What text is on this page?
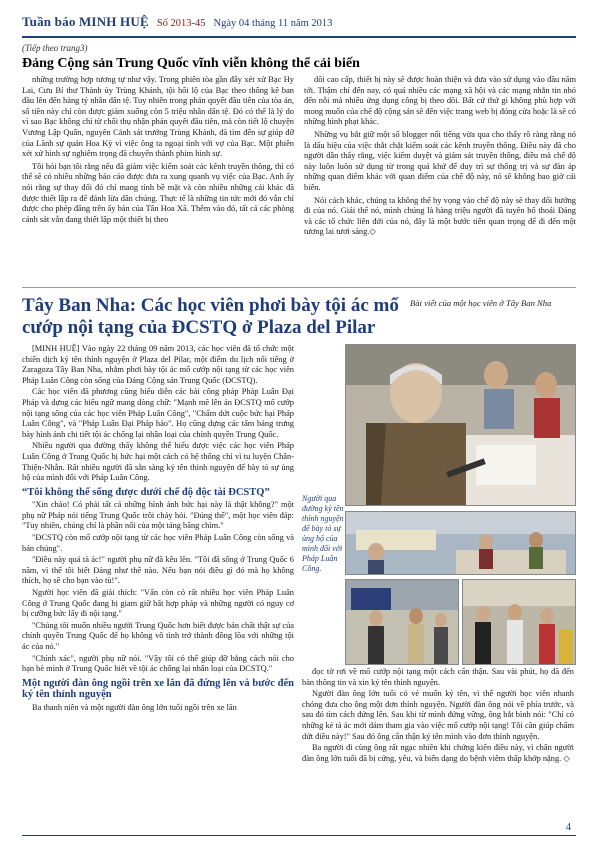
Tuần báo MINH HUỆ Số 2013-45 Ngày 04 tháng 11 năm 2013
(Tiếp theo trang3)
Đảng Cộng sản Trung Quốc vĩnh viễn không thể cải biến

những trường hợp tương tự như vậy. Trong phiên tòa gần đây xét xử Bạc Hy Lai, Cưu Bí thư Thành ủy Trùng Khánh, tội hối lộ của Bạc theo thống kê ban đầu lên đến hàng tỷ nhân dân tệ. Tuy nhiên trong phán quyết đầu tiên của tòa án, số tiền này chỉ còn được giảm xuống còn 5 triệu nhân dân tệ. Đó có thể là lý do vì sao Bạc không chỉ từ chối thụ nhận phán quyết đầu tiên, mà còn tiết lộ chuyện Vương Lập Quân, nguyên Cảnh sát trưởng Trùng Khánh, đã tìm đến sự giúp đỡ của Lãnh sự quán Hoa Kỳ vì việc ông ta ngoại tình với vợ của Bạc. Một phiên xét xử hình sự nghiêm trọng đã chuyển thành phim hình sự.

Tôi hỏi bạn tôi rằng nếu đã giảm việc kiểm soát các kênh truyền thông, thì có thể sẽ có nhiều những báo cáo được đưa ra xung quanh vụ việc của Bạc. Anh ấy nói rằng sự thay đổi đó chỉ mang tính bề mặt và còn nhiều những cái khác đã được thiết lập ra để đánh lừa dân chúng. Thực tế là những tin tức mới đó vẫn chỉ được cho phép đăng trên ấy bản của Tân Hoa Xã. Thêm vào đó, tất cả các phòng cảnh sát vẫn đang thiết lập một thiết bị theo

dõi cao cấp, thiết bị này sẽ được hoàn thiện và đưa vào sử dụng vào đầu năm tới. Thậm chí đến nay, có quá nhiều các mạng xã hội và các mạng nhắn tin nhỏ đến nỗi mà nhiều ứng dụng công bị theo dõi. Bất cứ thứ gì không phù hợp với mong muốn của chế độ cộng sản sẽ đến việc trang web bị đóng cửa hoặc là sẽ có những hình phạt khác.

Những vụ bắt giữ một số blogger nổi tiếng vừa qua cho thấy rõ ràng rằng nó là dấu hiệu của việc thắt chặt kiểm soát các kênh truyền thông. Điều này đã cho người dân thấy rằng, việc kiểm duyệt và giám sát truyền thông, điều mà chế độ này luôn luôn sử dụng từ trong quá khứ để duy trì sự thống trị và sự đàn áp những quan điểm khác với quan điểm của chế độ này, nó sẽ không bao giờ cải biến.

Nói cách khác, chúng ta không thể hy vọng vào chế độ này sẽ thay đổi hướng đi của nó. Giải thể nó, mình chúng là hàng triệu người đã tuyên bố thoái Đảng và các tổ chức liên đới của nó, đây là một bước tiến quan trọng để đi đến một tương lai tươi sáng.◇

Tây Ban Nha: Các học viên phơi bày tội ác mổ cướp nội tạng của ĐCSTQ ở Plaza del Pilar
Bài viết của một học viên ở Tây Ban Nha

[MINH HUỆ] Vào ngày 22 tháng 09 năm 2013, các học viên đã tổ chức một chiến dịch ký tên thỉnh nguyện ở Plaza del Pilar, một điểm du lịch nổi tiếng ở Zaragoza Tây Ban Nha, nhằm phơi bày tội ác mổ cướp nội tạng từ các học viên Pháp Luân Công còn sống của Đảng Cộng sản Trung Quốc (ĐCSTQ).

Các học viên đã phương cũng biểu diễn các bài công pháp Pháp Luân Đại Pháp và dựng các biểu ngữ mang dòng chữ: "Mạnh mẽ lên án ĐCSTQ mổ cướp nội tạng sống của các học viên Pháp Luân Công", "Chấm dứt cuộc bức hại Pháp Luân Công", và "Pháp Luân Đại Pháp hảo". Họ cũng dựng các tấm bảng trưng bày hình ảnh chi tiết tội ác chống lại nhân loại của chính quyền Trung Quốc.

Nhiều người qua đường thấy không thể hiểu được việc các học viên Pháp Luân Công ở Trung Quốc bị bức hại một cách có hệ thống chỉ vì tu luyện Chân-Thiện-Nhẫn. Rất nhiều người đã sẵn sàng ký tên thỉnh nguyện để bày tỏ sự ủng hộ của mình đối với Pháp Luân Công.

“Tôi không thể sống được dưới chế độ độc tài ĐCSTQ”

"Xin chào! Có phải tất cả những hình ảnh bức hại này là thật không?" một phụ nữ Pháp nói tiếng Trung Quốc trôi chảy hỏi. "Đúng thế", một học viên đáp: "Tuy nhiên, chúng chỉ là phần nổi của một tảng băng chìm."

"ĐCSTQ còn mổ cướp nội tạng từ các học viên Pháp Luân Công còn sống và bán chúng".

"Điều này quá tà ác!" người phụ nữ đã kêu lên. "Tôi đã sống ở Trung Quốc 6 năm, vì thế tôi biết Đảng như thế nào. Nếu bạn nói điều gì đó mà họ không thích, họ sẽ cho bạn vào tù!".

Người học viên đã giải thích: "Vấn còn có rất nhiều học viên Pháp Luân Công ở Trung Quốc đang bị giam giữ bất hợp pháp và những người có nguy cơ bị cưỡng bức lấy đi nội tạng."

"Chúng tôi muốn nhiều người Trung Quốc hơn biết được bản chất thật sự của chính quyền Trung Quốc để họ không vô tình trở thành đồng lõa với những tội ác của nó."

"Chính xác", người phụ nữ nói. "Vậy tôi có thể giúp đỡ bằng cách nói cho bạn bè mình ở Trung Quốc biết về tội ác chống lại nhân loại của ĐCSTQ."

Một người đàn ông ngồi trên xe lăn đã đứng lên và bước đến ký tên thỉnh nguyện

Ba thanh niên và một người đàn ông lớn tuổi ngồi trên xe lăn

Người qua đường ký tên thỉnh nguyện để bày tỏ sự ủng hộ của mình đối với Pháp Luân Công.

đọc tờ rơi về mổ cướp nội tạng một cách cẩn thận. Sau vài phút, họ đã đến bàn thông tin và xin ký tên thỉnh nguyện.

Người đàn ông lớn tuổi có vẻ muốn ký tên, vì thế người học viên nhanh chóng đưa cho ông một đơn thỉnh nguyện. Người đàn ông nói về phía trước, và sau đó tìm cách đứng lên. Sau khi từ mình đứng vững, ông bắt bình nói: "Chỉ có những kẻ tà ác mới dám tham gia vào việc mổ cướp nội tạng! Tôi cần giúp chấm dứt điều này!" Sau đó ông cẩn thận ký tên mình vào đơn thỉnh nguyện.

Ba người đi cùng ông rất ngạc nhiên khi chứng kiến điều này, vì chân người đàn ông lớn tuổi đã bị cứng, yếu, và biến dạng do bệnh viêm thấp khớp nặng. ◇

4
